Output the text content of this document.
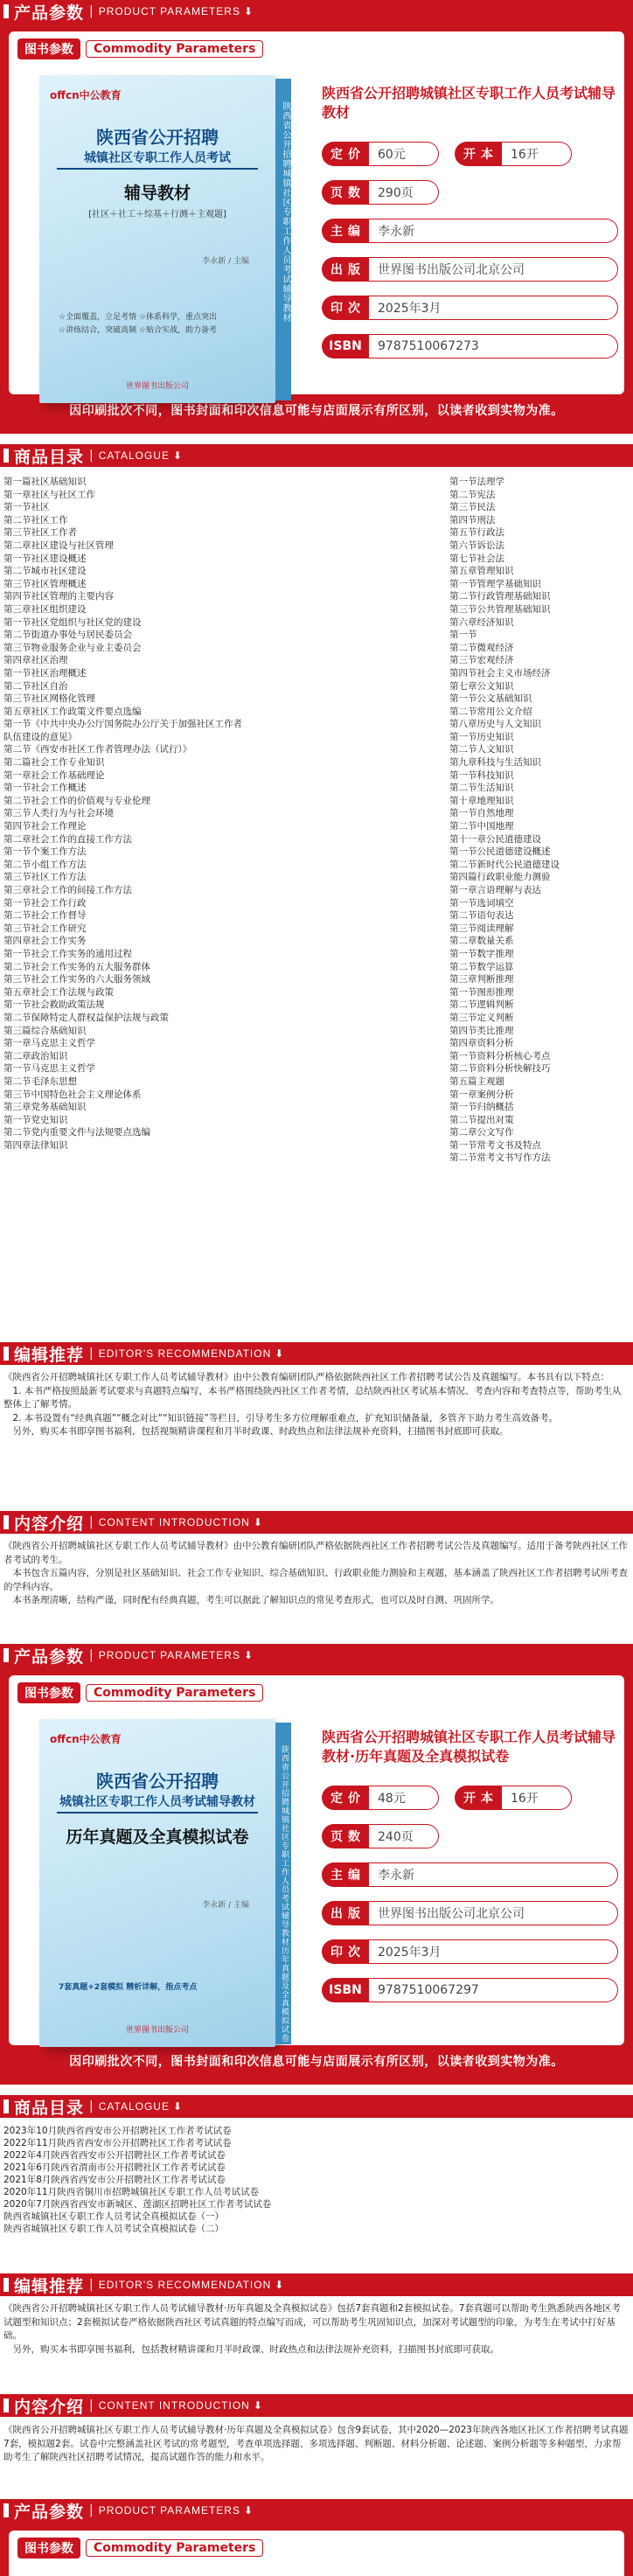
产品参数 | PRODUCT PARAMETERS ⬇
图书参数	Commodity Parameters
offcn中公教育
陕西省公开招聘
城镇社区专职工作人员考试
辅导教材
[社区＋社工＋综基＋行测＋主观题]
李永新 / 主编
☆全面覆盖，立足考情 ☆体系科学，重点突出
☆讲练结合，突破高频 ☆贴合实战，助力备考
世界图书出版公司
陕西省公开招聘城镇社区专职工作人员考试辅导教材
陕西省公开招聘城镇社区专职工作人员考试辅导教材
定价	60元	开本	16开
页数	290页
主编	李永新
出版	世界图书出版公司北京公司
印次	2025年3月
ISBN	9787510067273
因印刷批次不同，图书封面和印次信息可能与店面展示有所区别，以读者收到实物为准。
商品目录 | CATALOGUE ⬇
第一篇社区基础知识
第一章社区与社区工作
第一节社区
第二节社区工作
第三节社区工作者
第二章社区建设与社区管理
第一节社区建设概述
第二节城市社区建设
第三节社区管理概述
第四节社区管理的主要内容
第三章社区组织建设
第一节社区党组织与社区党的建设
第二节街道办事处与居民委员会
第三节物业服务企业与业主委员会
第四章社区治理
第一节社区治理概述
第二节社区自治
第三节社区网格化管理
第五章社区工作政策文件要点选编
第一节《中共中央办公厅国务院办公厅关于加强社区工作者
队伍建设的意见》
第二节《西安市社区工作者管理办法（试行）》
第二篇社会工作专业知识
第一章社会工作基础理论
第一节社会工作概述
第二节社会工作的价值观与专业伦理
第三节人类行为与社会环境
第四节社会工作理论
第二章社会工作的直接工作方法
第一节个案工作方法
第二节小组工作方法
第三节社区工作方法
第三章社会工作的间接工作方法
第一节社会工作行政
第二节社会工作督导
第三节社会工作研究
第四章社会工作实务
第一节社会工作实务的通用过程
第二节社会工作实务的五大服务群体
第三节社会工作实务的六大服务领域
第五章社会工作法规与政策
第一节社会救助政策法规
第二节保障特定人群权益保护法规与政策
第三篇综合基础知识
第一章马克思主义哲学
第二章政治知识
第一节马克思主义哲学
第二节毛泽东思想
第三节中国特色社会主义理论体系
第三章党务基础知识
第一节党史知识
第二节党内重要文件与法规要点选编
第四章法律知识
第一节法理学
第二节宪法
第三节民法
第四节刑法
第五节行政法
第六节诉讼法
第七节社会法
第五章管理知识
第一节管理学基础知识
第二节行政管理基础知识
第三节公共管理基础知识
第六章经济知识
第一节
第二节微观经济
第三节宏观经济
第四节社会主义市场经济
第七章公文知识
第一节公文基础知识
第二节常用公文介绍
第八章历史与人文知识
第一节历史知识
第二节人文知识
第九章科技与生活知识
第一节科技知识
第二节生活知识
第十章地理知识
第一节自然地理
第二节中国地理
第十一章公民道德建设
第一节公民道德建设概述
第二节新时代公民道德建设
第四篇行政职业能力测验
第一章言语理解与表达
第一节选词填空
第二节语句表达
第三节阅读理解
第二章数量关系
第一节数字推理
第二节数学运算
第三章判断推理
第一节图形推理
第二节逻辑判断
第三节定义判断
第四节类比推理
第四章资料分析
第一节资料分析核心考点
第二节资料分析快解技巧
第五篇主观题
第一章案例分析
第一节归纳概括
第二节提出对策
第二章公文写作
第一节常考文书及特点
第二节常考文书写作方法
编辑推荐 | EDITOR'S RECOMMENDATION ⬇

《陕西省公开招聘城镇社区专职工作人员考试辅导教材》由中公教育编研团队严格依据陕西社区工作者招聘考试公告及真题编写。本书具有以下特点：

1. 本书严格按照最新考试要求与真题特点编写，本书严格围绕陕西社区工作者考情，总结陕西社区考试基本情况、考查内容和考查特点等，帮助考生从整体上了解考情。

2. 本书设置有“经典真题”“概念对比”“知识链接”等栏目，引导考生多方位理解重难点，扩充知识储备量，多管齐下助力考生高效备考。

另外，购买本书即享图书福利，包括视频精讲课程和月半时政课、时政热点和法律法规补充资料，扫描图书封底即可获取。

内容介绍 | CONTENT INTRODUCTION ⬇

《陕西省公开招聘城镇社区专职工作人员考试辅导教材》由中公教育编研团队严格依据陕西社区工作者招聘考试公告及真题编写。适用于备考陕西社区工作者考试的考生。

本书包含五篇内容，分别是社区基础知识、社会工作专业知识、综合基础知识、行政职业能力测验和主观题，基本涵盖了陕西社区工作者招聘考试所考查的学科内容。

本书条理清晰，结构严谨，同时配有经典真题，考生可以据此了解知识点的常见考查形式，也可以及时自测、巩固所学。

产品参数 | PRODUCT PARAMETERS ⬇
图书参数	Commodity Parameters
offcn中公教育
陕西省公开招聘
城镇社区专职工作人员考试辅导教材
历年真题及全真模拟试卷
李永新 / 主编
7套真题+2套模拟 精析详解，指点考点
世界图书出版公司	陕西省公开招聘城镇社区专职工作人员考试辅导教材历年真题及全真模拟试卷
陕西省公开招聘城镇社区专职工作人员考试辅导教材·历年真题及全真模拟试卷
定价	48元	开本	16开
页数	240页
主编	李永新
出版	世界图书出版公司北京公司
印次	2025年3月
ISBN	9787510067297
因印刷批次不同，图书封面和印次信息可能与店面展示有所区别，以读者收到实物为准。
商品目录 | CATALOGUE ⬇
2023年10月陕西省西安市公开招聘社区工作者考试试卷
2022年11月陕西省西安市公开招聘社区工作者考试试卷
2022年4月陕西省西安市公开招聘社区工作者考试试卷
2021年6月陕西省渭南市公开招聘社区工作者考试试卷
2021年8月陕西省西安市公开招聘社区工作者考试试卷
2020年11月陕西省铜川市招聘城镇社区专职工作人员考试试卷
2020年7月陕西省西安市新城区、莲湖区招聘社区工作者考试试卷
陕西省城镇社区专职工作人员考试全真模拟试卷（一）
陕西省城镇社区专职工作人员考试全真模拟试卷（二）
编辑推荐 | EDITOR'S RECOMMENDATION ⬇

《陕西省公开招聘城镇社区专职工作人员考试辅导教材·历年真题及全真模拟试卷》包括7套真题和2套模拟试卷。7套真题可以帮助考生熟悉陕西各地区考试题型和知识点；2套模拟试卷严格依据陕西社区考试真题的特点编写而成，可以帮助考生巩固知识点，加深对考试题型的印象，为考生在考试中打好基础。

另外，购买本书即享图书福利，包括教材精讲课和月半时政课、时政热点和法律法规补充资料，扫描图书封底即可获取。

内容介绍 | CONTENT INTRODUCTION ⬇

《陕西省公开招聘城镇社区专职工作人员考试辅导教材·历年真题及全真模拟试卷》包含9套试卷，其中2020—2023年陕西各地区社区工作者招聘考试真题7套，模拟题2套。试卷中完整涵盖社区考试的常考题型，考查单项选择题、多项选择题、判断题、材料分析题、论述题、案例分析题等多种题型，力求帮助考生了解陕西社区招聘考试情况，提高试题作答的能力和水平。

产品参数 | PRODUCT PARAMETERS ⬇
图书参数	Commodity Parameters
